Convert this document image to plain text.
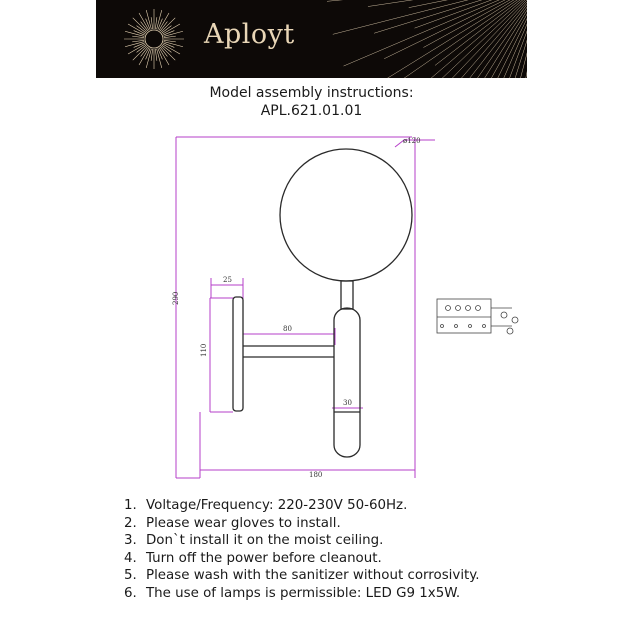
Aployt
Model assembly instructions:
APL.621.01.01
ø120
290
25
110
80
30
180
1. Voltage/Frequency: 220-230V 50-60Hz.
2. Please wear gloves to install.
3. Don`t install it on the moist ceiling.
4. Turn off the power before cleanout.
5. Please wash with the sanitizer without corrosivity.
6. The use of lamps is permissible: LED G9 1x5W.
